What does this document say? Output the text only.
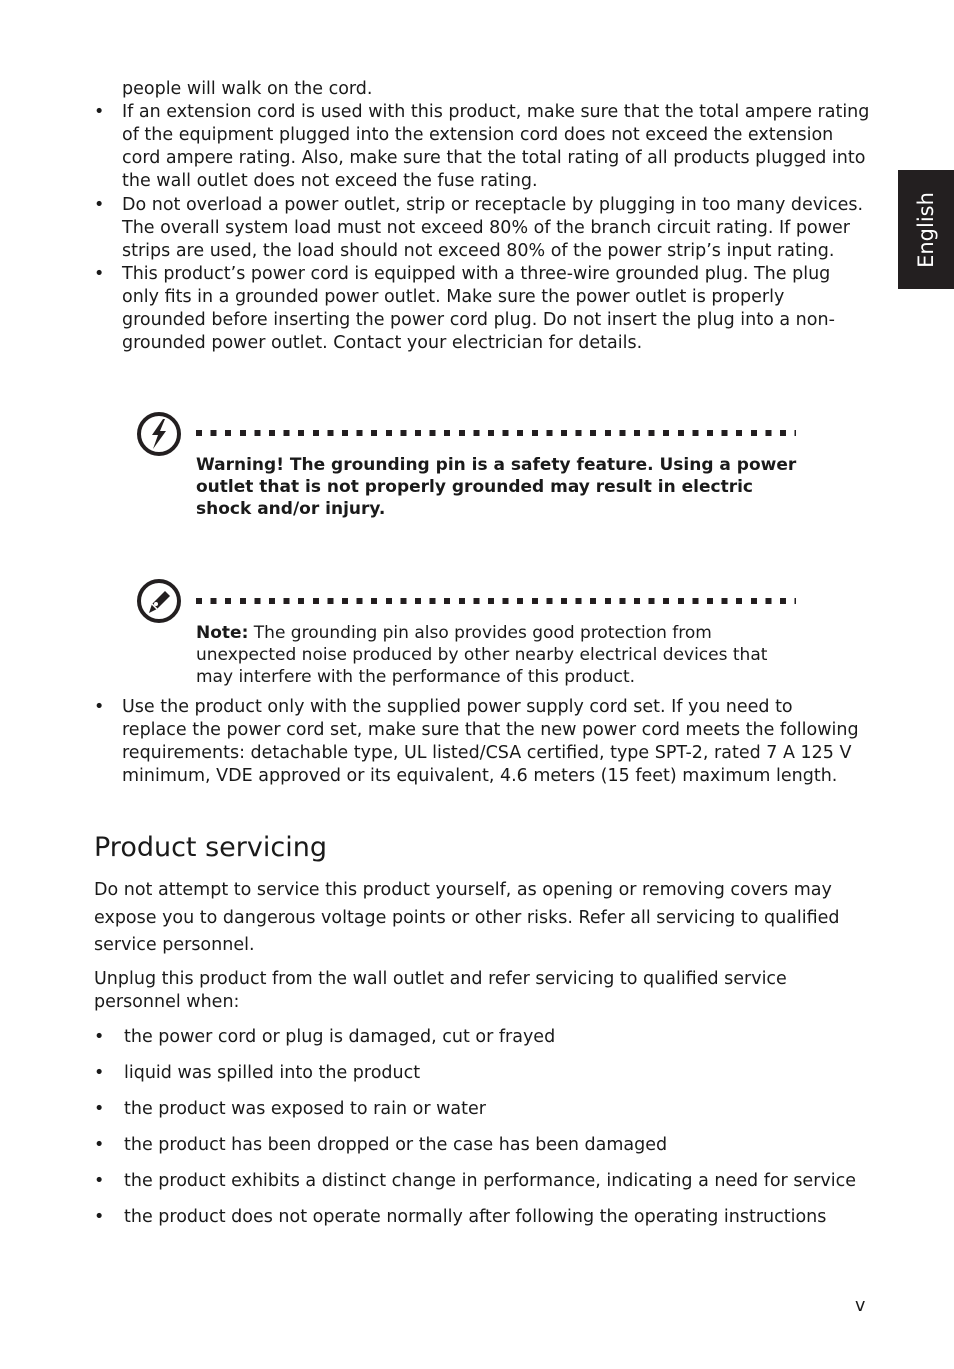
English
people will walk on the cord.
• If an extension cord is used with this product, make sure that the total ampere rating
of the equipment plugged into the extension cord does not exceed the extension
cord ampere rating. Also, make sure that the total rating of all products plugged into
the wall outlet does not exceed the fuse rating.
• Do not overload a power outlet, strip or receptacle by plugging in too many devices.
The overall system load must not exceed 80% of the branch circuit rating. If power
strips are used, the load should not exceed 80% of the power strip’s input rating.
• This product’s power cord is equipped with a three-wire grounded plug. The plug
only fits in a grounded power outlet. Make sure the power outlet is properly
grounded before inserting the power cord plug. Do not insert the plug into a non-
grounded power outlet. Contact your electrician for details.
Warning! The grounding pin is a safety feature. Using a power
outlet that is not properly grounded may result in electric
shock and/or injury.
Note: The grounding pin also provides good protection from
unexpected noise produced by other nearby electrical devices that
may interfere with the performance of this product.
• Use the product only with the supplied power supply cord set. If you need to
replace the power cord set, make sure that the new power cord meets the following
requirements: detachable type, UL listed/CSA certified, type SPT-2, rated 7 A 125 V
minimum, VDE approved or its equivalent, 4.6 meters (15 feet) maximum length.
Product servicing
Do not attempt to service this product yourself, as opening or removing covers may
expose you to dangerous voltage points or other risks. Refer all servicing to qualified
service personnel.
Unplug this product from the wall outlet and refer servicing to qualified service
personnel when:
• the power cord or plug is damaged, cut or frayed
• liquid was spilled into the product
• the product was exposed to rain or water
• the product has been dropped or the case has been damaged
• the product exhibits a distinct change in performance, indicating a need for service
• the product does not operate normally after following the operating instructions
v
